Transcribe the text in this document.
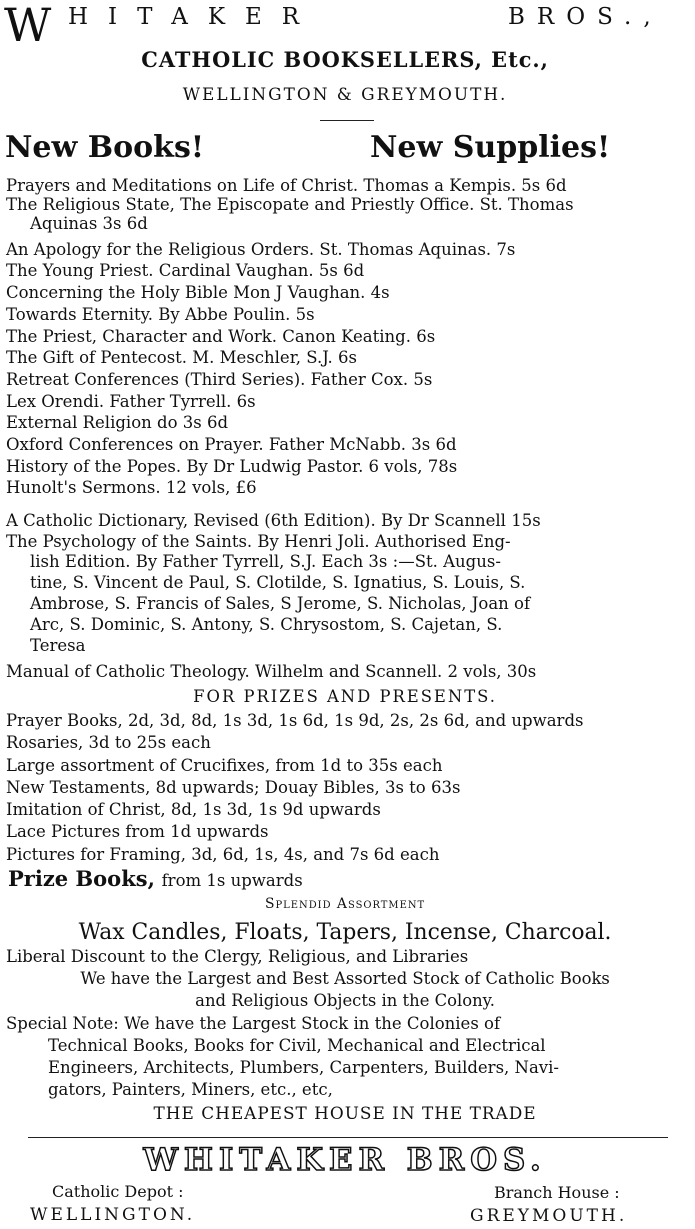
W HITAKER	BROS.,
CATHOLIC BOOKSELLERS, Etc.,
WELLINGTON & GREYMOUTH.
New Books!	New Supplies!
Prayers and Meditations on Life of Christ. Thomas a Kempis. 5s 6d
The Religious State, The Episcopate and Priestly Office. St. Thomas
Aquinas 3s 6d
An Apology for the Religious Orders. St. Thomas Aquinas. 7s
The Young Priest. Cardinal Vaughan. 5s 6d
Concerning the Holy Bible Mon J Vaughan. 4s
Towards Eternity. By Abbe Poulin. 5s
The Priest, Character and Work. Canon Keating. 6s
The Gift of Pentecost. M. Meschler, S.J. 6s
Retreat Conferences (Third Series). Father Cox. 5s
Lex Orendi. Father Tyrrell. 6s
External Religion do 3s 6d
Oxford Conferences on Prayer. Father McNabb. 3s 6d
History of the Popes. By Dr Ludwig Pastor. 6 vols, 78s
Hunolt's Sermons. 12 vols, £6
A Catholic Dictionary, Revised (6th Edition). By Dr Scannell 15s
The Psychology of the Saints. By Henri Joli. Authorised Eng-
lish Edition. By Father Tyrrell, S.J. Each 3s :—St. Augus-
tine, S. Vincent de Paul, S. Clotilde, S. Ignatius, S. Louis, S.
Ambrose, S. Francis of Sales, S Jerome, S. Nicholas, Joan of
Arc, S. Dominic, S. Antony, S. Chrysostom, S. Cajetan, S.
Teresa
Manual of Catholic Theology. Wilhelm and Scannell. 2 vols, 30s
FOR PRIZES AND PRESENTS.
Prayer Books, 2d, 3d, 8d, 1s 3d, 1s 6d, 1s 9d, 2s, 2s 6d, and upwards
Rosaries, 3d to 25s each
Large assortment of Crucifixes, from 1d to 35s each
New Testaments, 8d upwards; Douay Bibles, 3s to 63s
Imitation of Christ, 8d, 1s 3d, 1s 9d upwards
Lace Pictures from 1d upwards
Pictures for Framing, 3d, 6d, 1s, 4s, and 7s 6d each
Prize Books, from 1s upwards
Splendid Assortment
Wax Candles, Floats, Tapers, Incense, Charcoal.
Liberal Discount to the Clergy, Religious, and Libraries
We have the Largest and Best Assorted Stock of Catholic Books
and Religious Objects in the Colony.
Special Note: We have the Largest Stock in the Colonies of
Technical Books, Books for Civil, Mechanical and Electrical
Engineers, Architects, Plumbers, Carpenters, Builders, Navi-
gators, Painters, Miners, etc., etc,
THE CHEAPEST HOUSE IN THE TRADE
WHITAKER BROS.
Catholic Depot :
WELLINGTON.
Branch House :
GREYMOUTH.
